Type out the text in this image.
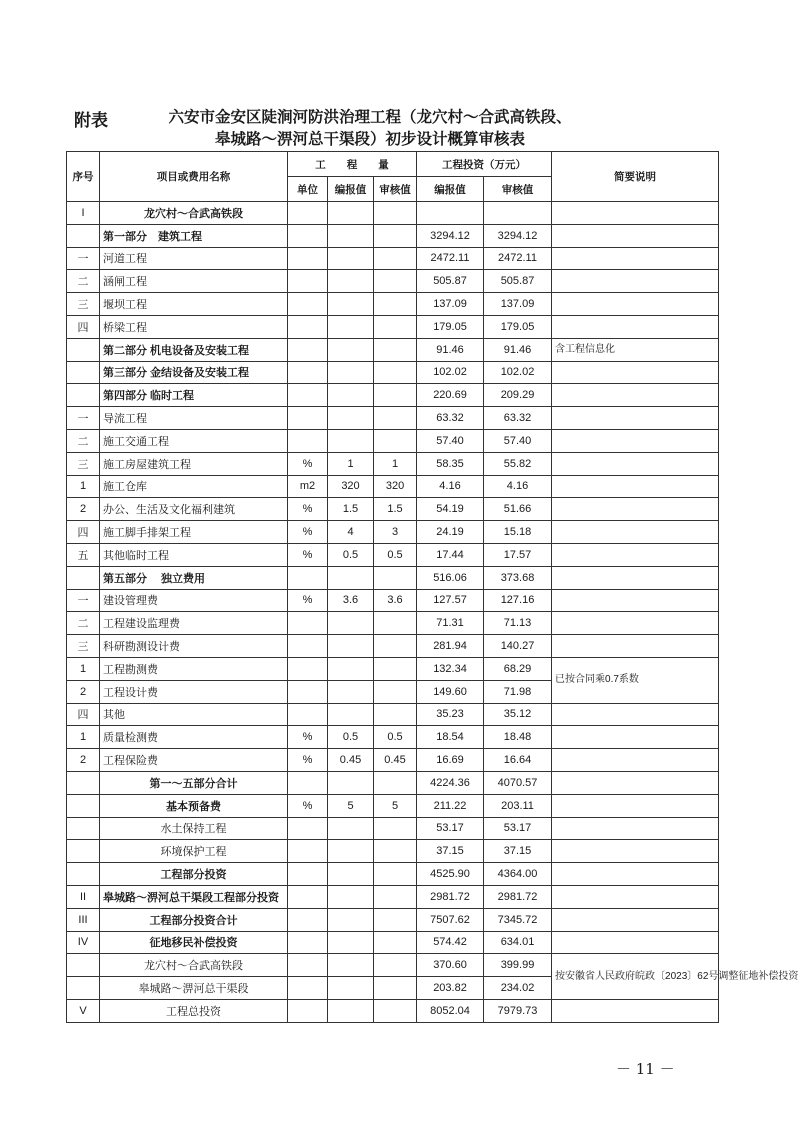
附表	六安市金安区陡涧河防洪治理工程（龙穴村～合武高铁段、
皋城路～淠河总干渠段）初步设计概算审核表
序号	项目或费用名称	工　　程　　量			工程投资（万元）		简要说明
		单位	编报值	审核值	编报值	审核值	
I	龙穴村～合武高铁段						
	第一部分　建筑工程				3294.12	3294.12	
一	河道工程				2472.11	2472.11	
二	涵闸工程				505.87	505.87	
三	堰坝工程				137.09	137.09	
四	桥梁工程				179.05	179.05	
	第二部分 机电设备及安装工程				91.46	91.46	含工程信息化
	第三部分 金结设备及安装工程				102.02	102.02	
	第四部分 临时工程				220.69	209.29	
一	导流工程				63.32	63.32	
二	施工交通工程				57.40	57.40	
三	施工房屋建筑工程	%	1	1	58.35	55.82	
1	施工仓库	m2	320	320	4.16	4.16	
2	办公、生活及文化福利建筑	%	1.5	1.5	54.19	51.66	
四	施工脚手排架工程	%	4	3	24.19	15.18	
五	其他临时工程	%	0.5	0.5	17.44	17.57	
	第五部分　 独立费用				516.06	373.68	
一	建设管理费	%	3.6	3.6	127.57	127.16	
二	工程建设监理费				71.31	71.13	
三	科研勘测设计费				281.94	140.27	
1	工程勘测费				132.34	68.29	已按合同乘0.7系数
2	工程设计费				149.60	71.98	
四	其他				35.23	35.12	
1	质量检测费	%	0.5	0.5	18.54	18.48	
2	工程保险费	%	0.45	0.45	16.69	16.64	
	第一～五部分合计				4224.36	4070.57	
	基本预备费	%	5	5	211.22	203.11	
	水土保持工程				53.17	53.17	
	环境保护工程				37.15	37.15	
	工程部分投资				4525.90	4364.00	
II	皋城路～淠河总干渠段工程部分投资				2981.72	2981.72	
III	工程部分投资合计				7507.62	7345.72	
IV	征地移民补偿投资				574.42	634.01	
	龙穴村～合武高铁段				370.60	399.99	按安徽省人民政府皖政〔2023〕62号调整征地补偿投资
	皋城路～淠河总干渠段				203.82	234.02	
V	工程总投资				8052.04	7979.73	
－ 11 －
